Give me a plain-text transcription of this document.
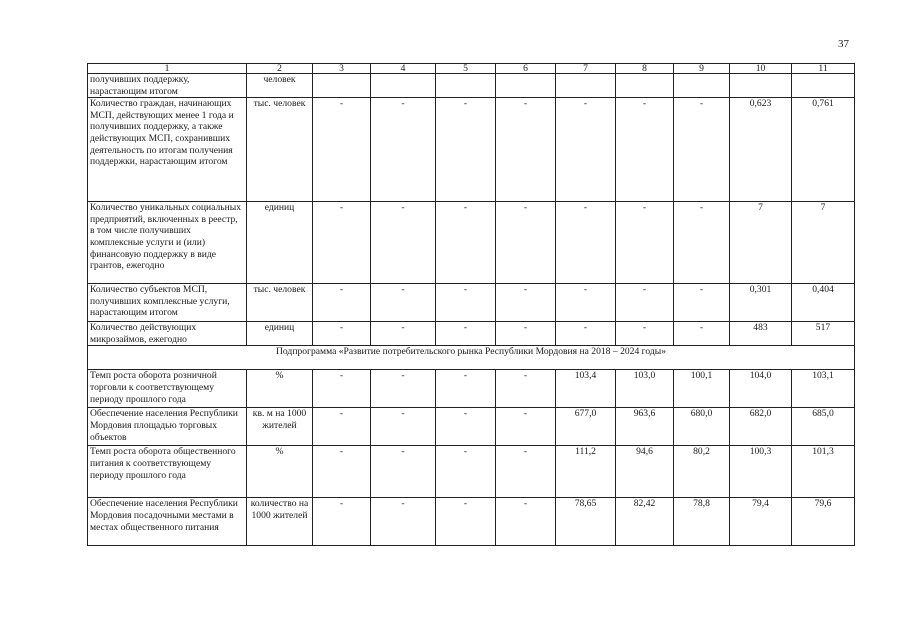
37
1	2	3	4	5	6	7	8	9	10	11
получивших поддержку, нарастающим итогом	человек									
Количество граждан, начинающих МСП, действующих менее 1 года и получивших поддержку, а также действующих МСП, сохранивших деятельность по итогам получения поддержки, нарастающим итогом	тыс. человек	-	-	-	-	-	-	-	0,623	0,761
Количество уникальных социальных предприятий, включенных в реестр, в том числе получивших комплексные услуги и (или) финансовую поддержку в виде грантов, ежегодно	единиц	-	-	-	-	-	-	-	7	7
Количество субъектов МСП, получивших комплексные услуги, нарастающим итогом	тыс. человек	-	-	-	-	-	-	-	0,301	0,404
Количество действующих микрозаймов, ежегодно	единиц	-	-	-	-	-	-	-	483	517
Подпрограмма «Развитие потребительского рынка Республики Мордовия на 2018 – 2024 годы»										
Темп роста оборота розничной торговли к соответствующему периоду прошлого года	%	-	-	-	-	103,4	103,0	100,1	104,0	103,1
Обеспечение населения Республики Мордовия площадью торговых объектов	кв. м на 1000 жителей	-	-	-	-	677,0	963,6	680,0	682,0	685,0
Темп роста оборота общественного питания к соответствующему периоду прошлого года	%	-	-	-	-	111,2	94,6	80,2	100,3	101,3
Обеспечение населения Республики Мордовия посадочными местами в местах общественного питания	количество на 1000 жителей	-	-	-	-	78,65	82,42	78,8	79,4	79,6
